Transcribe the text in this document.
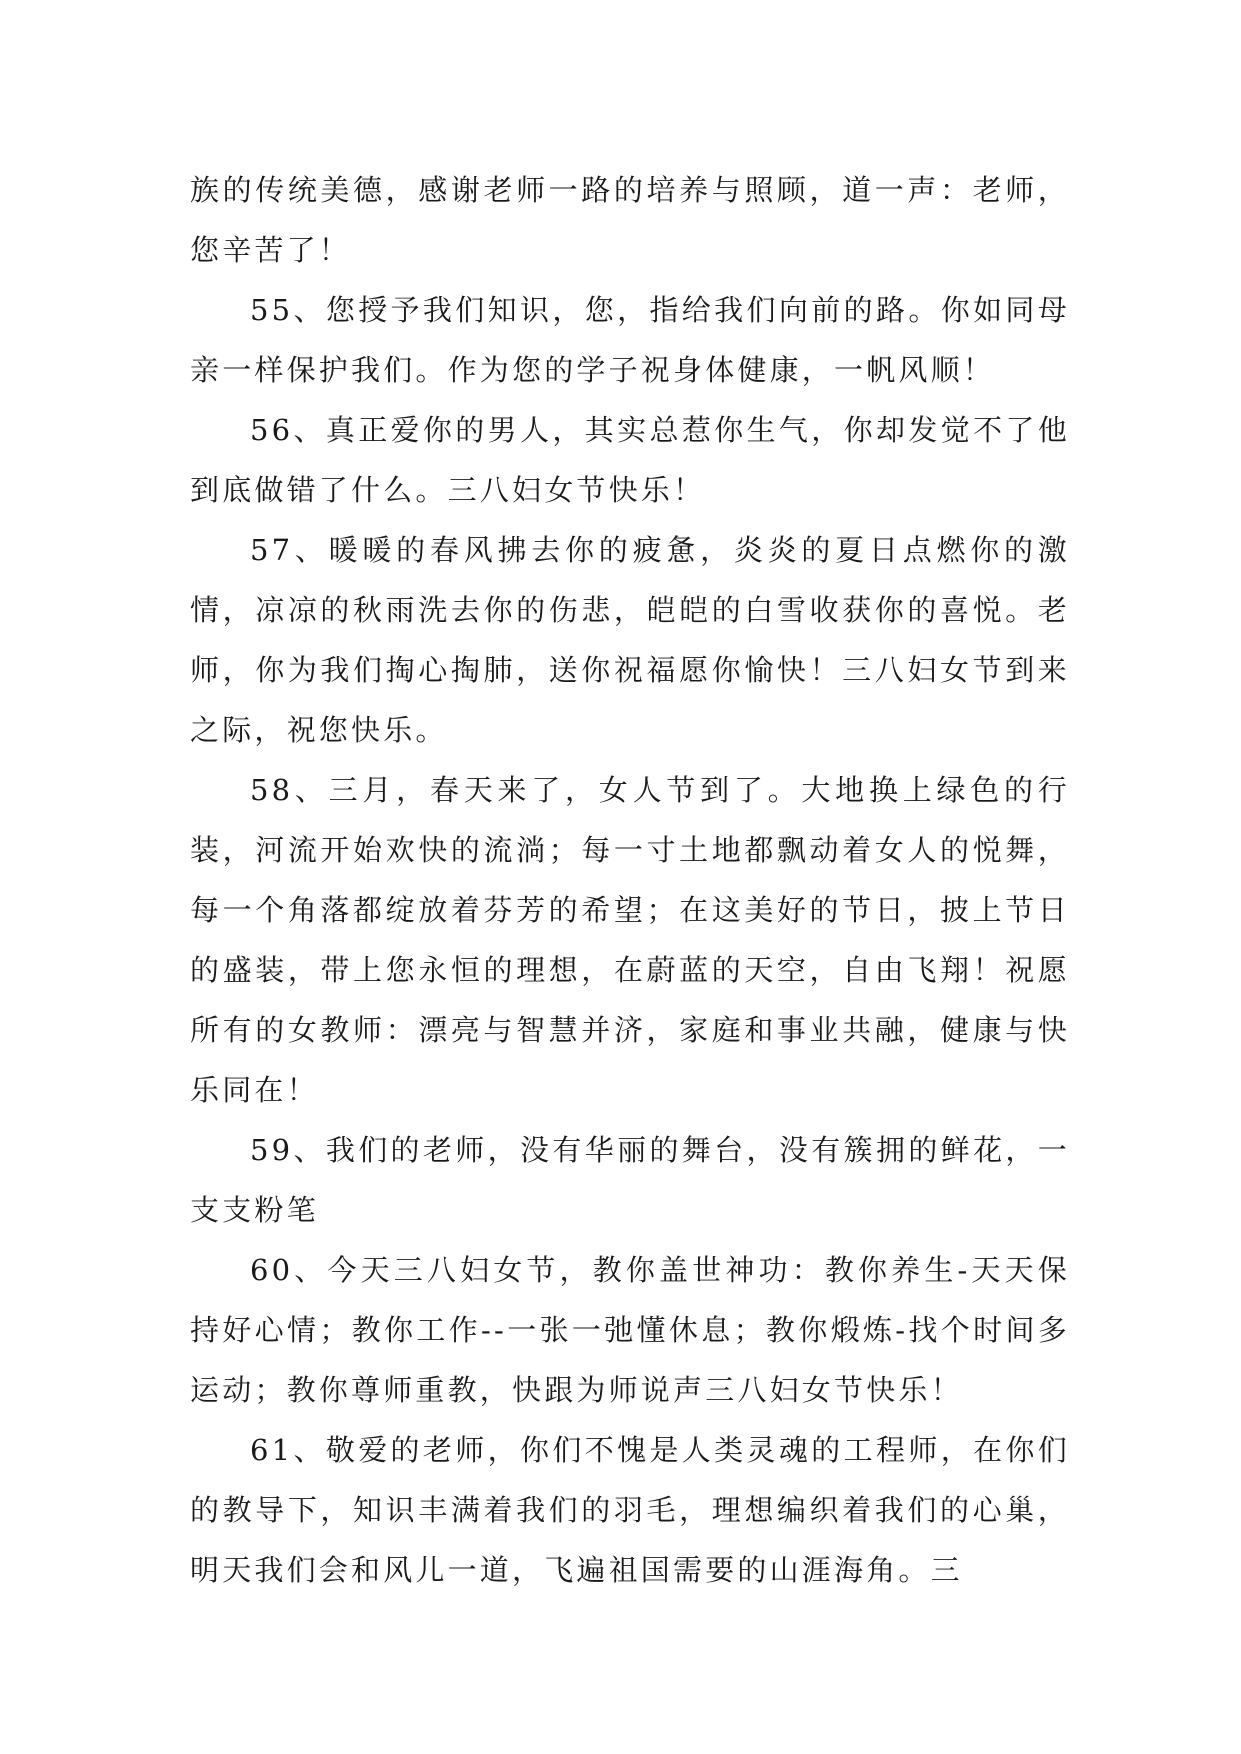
族的传统美德，感谢老师一路的培养与照顾，道一声：老师，您辛苦了！

55、您授予我们知识，您，指给我们向前的路。你如同母亲一样保护我们。作为您的学子祝身体健康，一帆风顺！

56、真正爱你的男人，其实总惹你生气，你却发觉不了他到底做错了什么。三八妇女节快乐！

57、暖暖的春风拂去你的疲惫，炎炎的夏日点燃你的激情，凉凉的秋雨洗去你的伤悲，皑皑的白雪收获你的喜悦。老师，你为我们掏心掏肺，送你祝福愿你愉快！三八妇女节到来之际，祝您快乐。

58、三月，春天来了，女人节到了。大地换上绿色的行装，河流开始欢快的流淌；每一寸土地都飘动着女人的悦舞，每一个角落都绽放着芬芳的希望；在这美好的节日，披上节日的盛装，带上您永恒的理想，在蔚蓝的天空，自由飞翔！祝愿所有的女教师：漂亮与智慧并济，家庭和事业共融，健康与快乐同在！

59、我们的老师，没有华丽的舞台，没有簇拥的鲜花，一支支粉笔

60、今天三八妇女节，教你盖世神功：教你养生-天天保持好心情；教你工作--一张一弛懂休息；教你煅炼-找个时间多运动；教你尊师重教，快跟为师说声三八妇女节快乐！

61、敬爱的老师，你们不愧是人类灵魂的工程师，在你们的教导下，知识丰满着我们的羽毛，理想编织着我们的心巢，明天我们会和风儿一道，飞遍祖国需要的山涯海角。三
